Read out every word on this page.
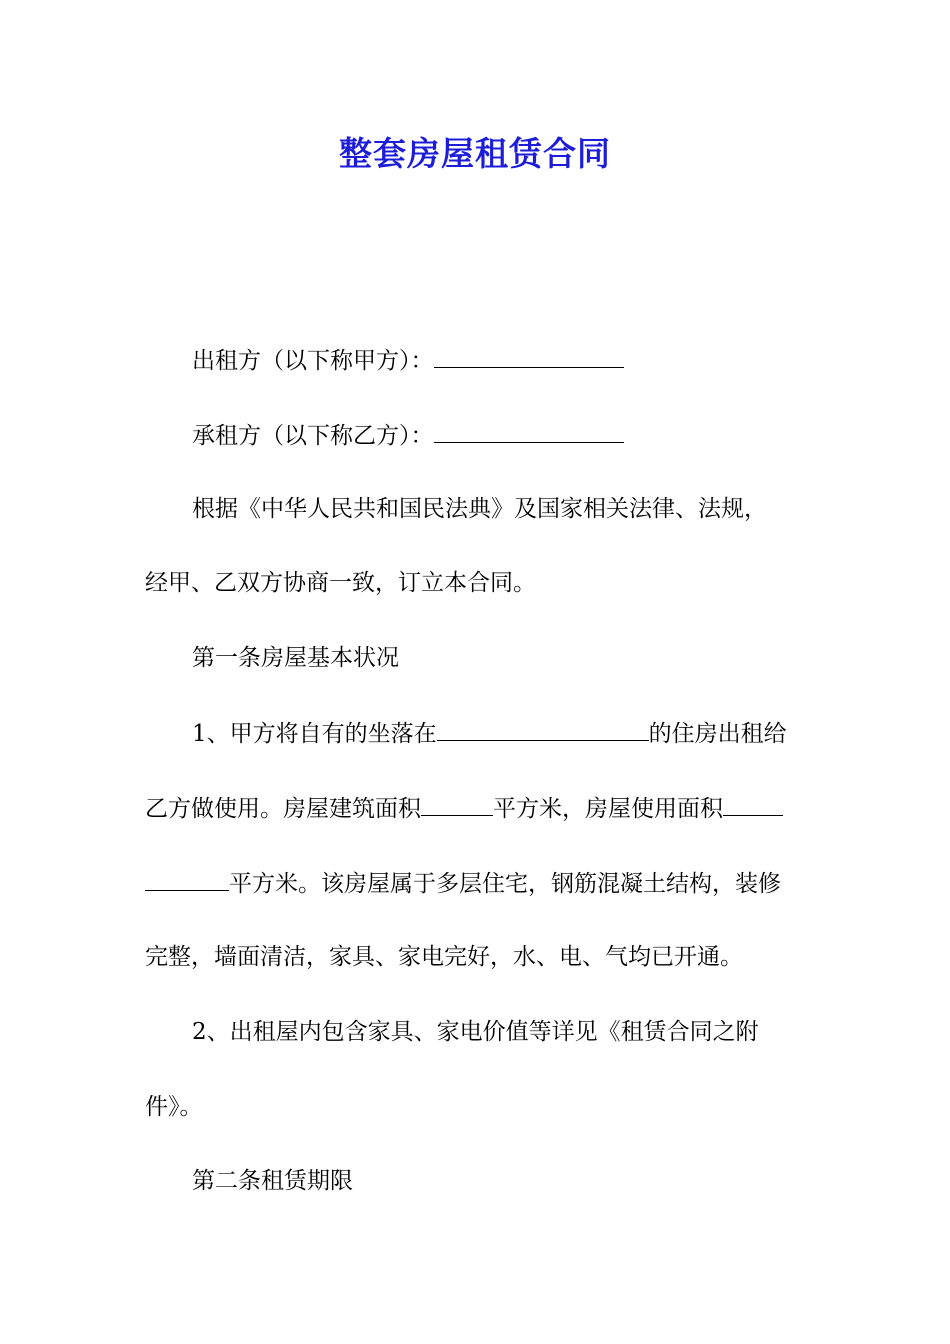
整套房屋租赁合同

出租方（以下称甲方）：

承租方（以下称乙方）：

根据《中华人民共和国民法典》及国家相关法律、法规，

经甲、乙双方协商一致，订立本合同。

第一条房屋基本状况

1、甲方将自有的坐落在	的住房出租给

乙方做使用。房屋建筑面积	平方米，房屋使用面积

平方米。该房屋属于多层住宅，钢筋混凝土结构，装修

完整，墙面清洁，家具、家电完好，水、电、气均已开通。

2、出租屋内包含家具、家电价值等详见《租赁合同之附

件》。

第二条租赁期限
